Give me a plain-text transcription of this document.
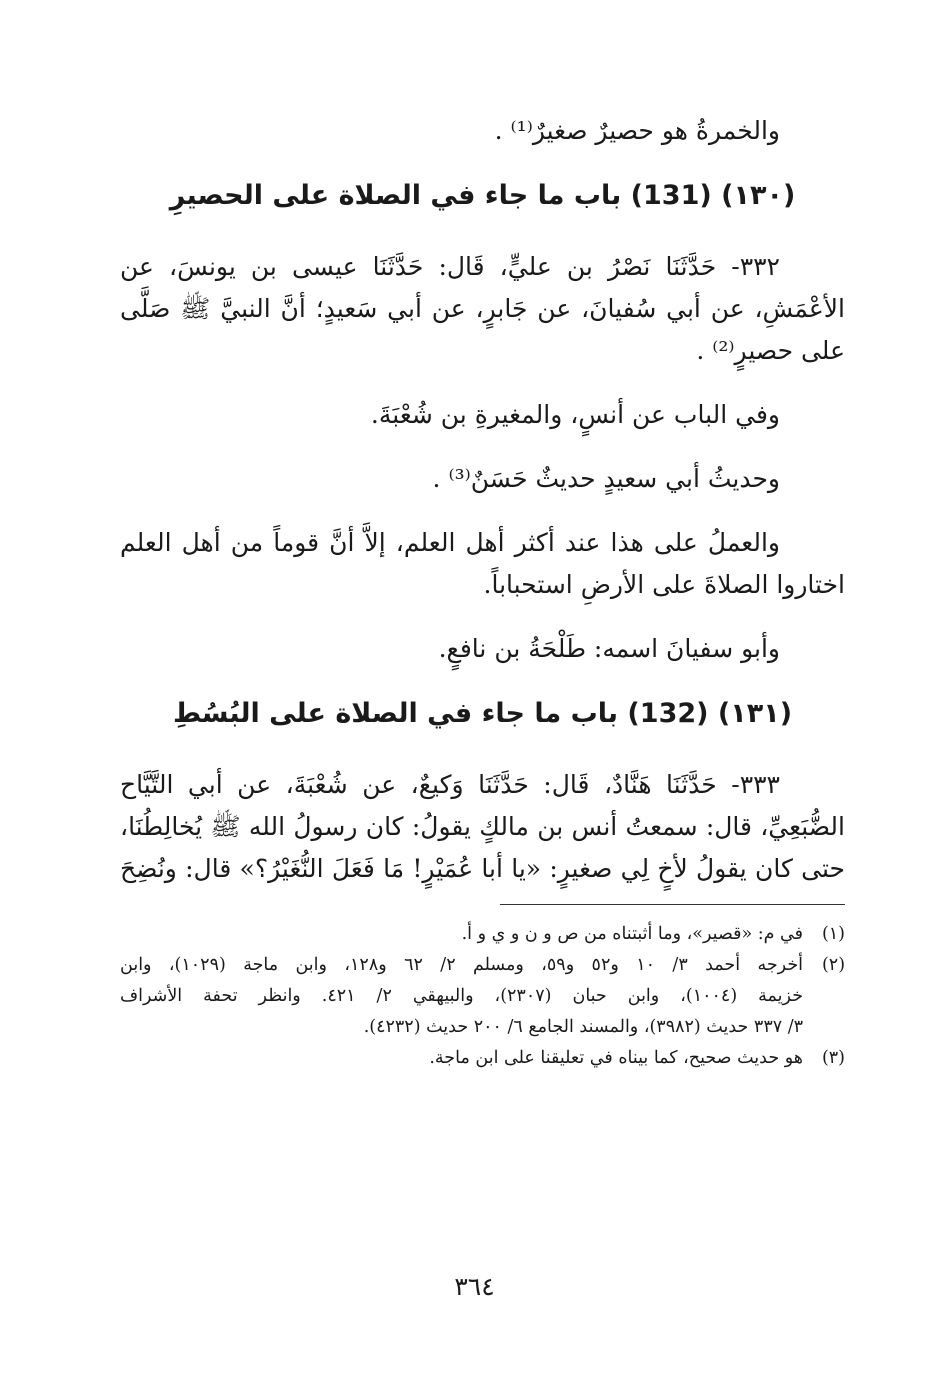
والخمرةُ هو حصيرٌ صغيرٌ⁽¹⁾ .
(١٣٠) (131) باب ما جاء في الصلاة على الحصيرِ
٣٣٢- حَدَّثَنَا نَصْرُ بن عليٍّ، قَال: حَدَّثَنَا عيسى بن يونسَ، عن
الأعْمَشِ، عن أبي سُفيانَ، عن جَابرٍ، عن أبي سَعيدٍ؛ أنَّ النبيَّ ﷺ صَلَّى
على حصيرٍ⁽²⁾ .
وفي الباب عن أنسٍ، والمغيرةِ بن شُعْبَةَ.
وحديثُ أبي سعيدٍ حديثٌ حَسَنٌ⁽³⁾ .
والعملُ على هذا عند أكثر أهل العلم، إلاَّ أنَّ قوماً من أهل العلم
اختاروا الصلاةَ على الأرضِ استحباباً.
وأبو سفيانَ اسمه: طَلْحَةُ بن نافعٍ.
(١٣١) (132) باب ما جاء في الصلاة على البُسُطِ
٣٣٣- حَدَّثَنَا هَنَّادٌ، قَال: حَدَّثَنَا وَكيعٌ، عن شُعْبَةَ، عن أبي التَّيَّاح
الضُّبَعِيِّ، قال: سمعتُ أنس بن مالكٍ يقولُ: كان رسولُ الله ﷺ يُخالِطُنَا،
حتى كان يقولُ لأخٍ لِي صغيرٍ: «يا أبا عُمَيْرٍ! مَا فَعَلَ النُّغَيْرُ؟» قال: ونُضِحَ
(١)في م: «قصير»، وما أثبتناه من ص و ن و ي و أ.
(٢)أخرجه أحمد ٣/ ١٠ و٥٢ و٥٩، ومسلم ٢/ ٦٢ و١٢٨، وابن ماجة (١٠٢٩)، وابن
خزيمة (١٠٠٤)، وابن حبان (٢٣٠٧)، والبيهقي ٢/ ٤٢١. وانظر تحفة الأشراف
٣/ ٣٣٧ حديث (٣٩٨٢)، والمسند الجامع ٦/ ٢٠٠ حديث (٤٢٣٢).
(٣)هو حديث صحيح، كما بيناه في تعليقنا على ابن ماجة.
٣٦٤
